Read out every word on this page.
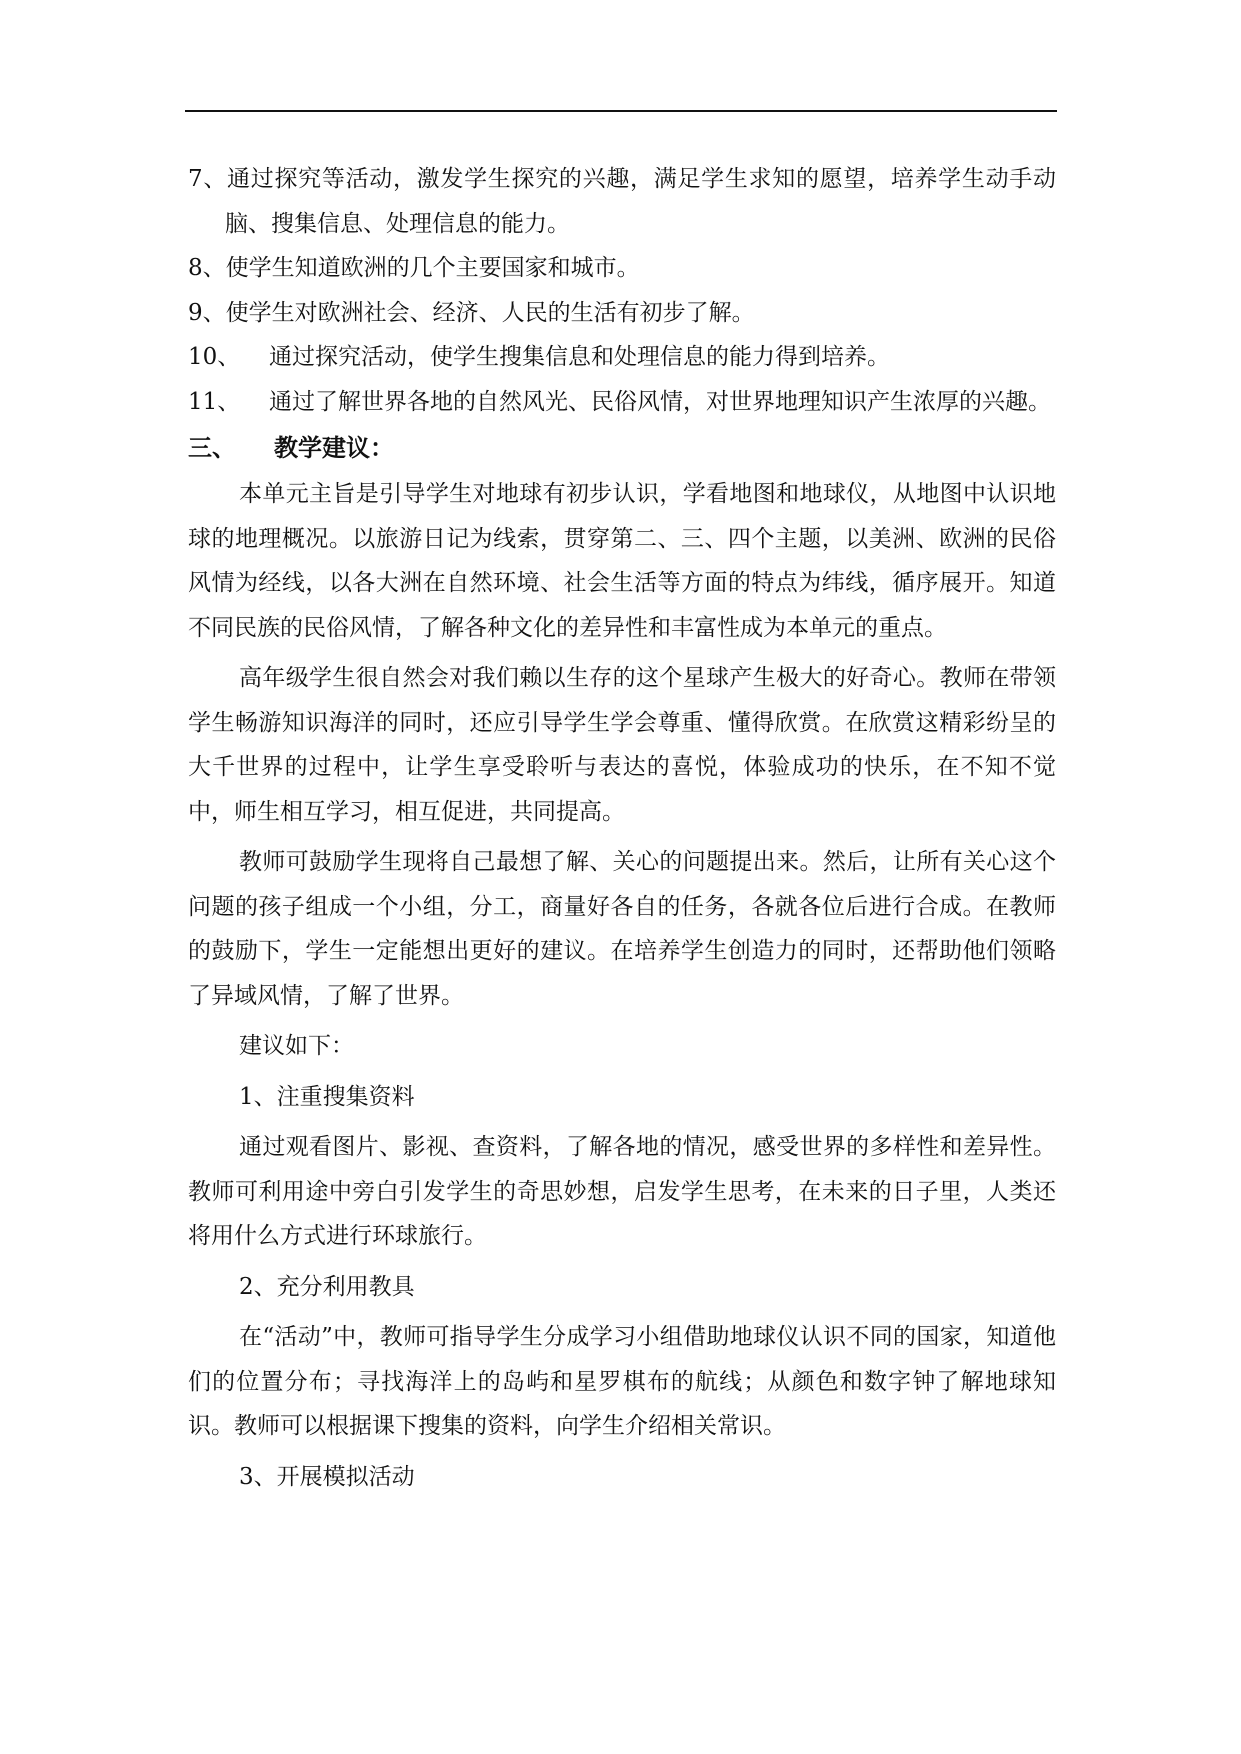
7、通过探究等活动，激发学生探究的兴趣，满足学生求知的愿望，培养学生动手动脑、搜集信息、处理信息的能力。

8、使学生知道欧洲的几个主要国家和城市。

9、使学生对欧洲社会、经济、人民的生活有初步了解。

10、 通过探究活动，使学生搜集信息和处理信息的能力得到培养。

11、 通过了解世界各地的自然风光、民俗风情，对世界地理知识产生浓厚的兴趣。

三、 教学建议：

本单元主旨是引导学生对地球有初步认识，学看地图和地球仪，从地图中认识地球的地理概况。以旅游日记为线索，贯穿第二、三、四个主题，以美洲、欧洲的民俗风情为经线，以各大洲在自然环境、社会生活等方面的特点为纬线，循序展开。知道不同民族的民俗风情，了解各种文化的差异性和丰富性成为本单元的重点。

高年级学生很自然会对我们赖以生存的这个星球产生极大的好奇心。教师在带领学生畅游知识海洋的同时，还应引导学生学会尊重、懂得欣赏。在欣赏这精彩纷呈的大千世界的过程中，让学生享受聆听与表达的喜悦，体验成功的快乐，在不知不觉中，师生相互学习，相互促进，共同提高。

教师可鼓励学生现将自己最想了解、关心的问题提出来。然后，让所有关心这个问题的孩子组成一个小组，分工，商量好各自的任务，各就各位后进行合成。在教师的鼓励下，学生一定能想出更好的建议。在培养学生创造力的同时，还帮助他们领略了异域风情，了解了世界。

建议如下：

1、注重搜集资料

通过观看图片、影视、查资料，了解各地的情况，感受世界的多样性和差异性。教师可利用途中旁白引发学生的奇思妙想，启发学生思考，在未来的日子里，人类还将用什么方式进行环球旅行。

2、充分利用教具

在“活动”中，教师可指导学生分成学习小组借助地球仪认识不同的国家，知道他们的位置分布；寻找海洋上的岛屿和星罗棋布的航线；从颜色和数字钟了解地球知识。教师可以根据课下搜集的资料，向学生介绍相关常识。

3、开展模拟活动
